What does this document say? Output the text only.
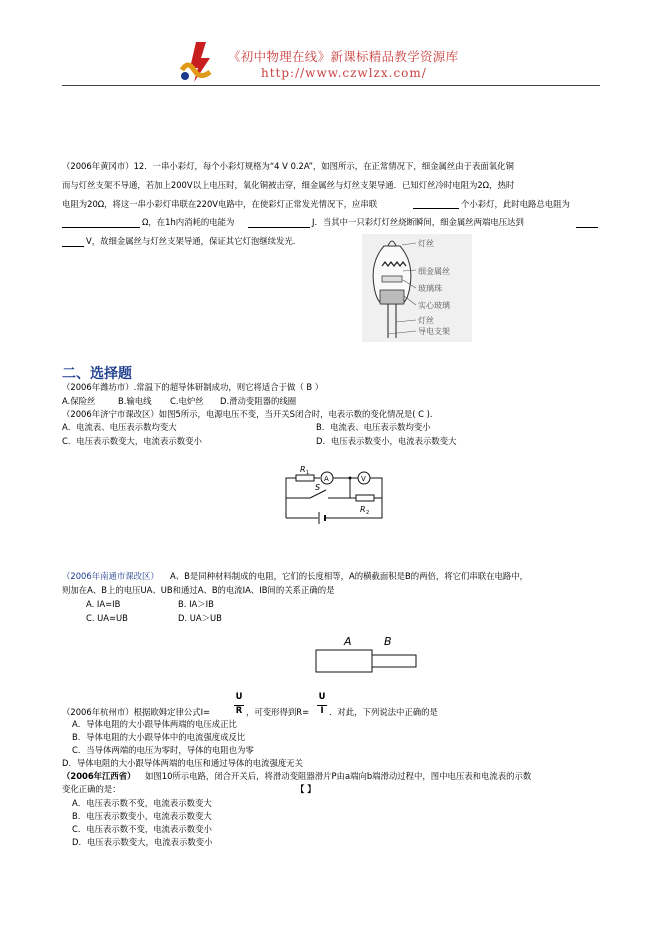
《初中物理在线》新课标精品教学资源库
http://www.czwlzx.com/
（2006年黄冈市）12．一串小彩灯，每个小彩灯规格为“4 V 0.2A”，如图所示，在正常情况下，细金属丝由于表面氧化铜
而与灯丝支架不导通，若加上200V以上电压时，氧化铜被击穿，细金属丝与灯丝支架导通．已知灯丝冷时电阻为2Ω，热时
电阻为20Ω，将这一串小彩灯串联在220V电路中，在使彩灯正常发光情况下，应串联	个小彩灯，此时电路总电阻为
Ω，在1h内消耗的电能为	J．当其中一只彩灯灯丝烧断瞬间，细金属丝两端电压达到
V，故细金属丝与灯丝支架导通，保证其它灯泡继续发光．	灯丝
细金属丝
玻璃珠
实心玻璃
灯丝
导电支架
二、选择题
（2006年潍坊市）.常温下的超导体研制成功，则它将适合于做（ B ）
A.保险丝	B.输电线 C.电炉丝 D.滑动变阻器的线圈
（2006年济宁市课改区）如图5所示，电源电压不变，当开关S闭合时，电表示数的变化情况是( C ).
A．电流表、电压表示数均变大	B．电流表、电压表示数均变小
C．电压表示数变大，电流表示数变小	D．电压表示数变小，电流表示数变大
R 1
A	V
S
R 2
（2006年南通市课改区） A、B是同种材料制成的电阻，它们的长度相等，A的横截面积是B的两倍，将它们串联在电路中，
则加在A、B上的电压UA、UB和通过A、B的电流IA、IB间的关系正确的是
A. IA=IB	B. IA＞IB
C. UA=UB	D. UA＞UB
A	B
（2006年杭州市）根据欧姆定律公式I=
U
R ，可变形得到R=
U
I ．对此，下列说法中正确的是
A．导体电阻的大小跟导体两端的电压成正比
B．导体电阻的大小跟导体中的电流强度成反比
C．当导体两端的电压为零时，导体的电阻也为零
D．导体电阻的大小跟导体两端的电压和通过导体的电流强度无关
（2006年江西省） 如图10所示电路，闭合开关后，将滑动变阻器滑片P由a端向b端滑动过程中，图中电压表和电流表的示数
变化正确的是：	【 】
A．电压表示数不变，电流表示数变大
B．电压表示数变小，电流表示数变大
C．电压表示数不变，电流表示数变小
D．电压表示数变大，电流表示数变小
